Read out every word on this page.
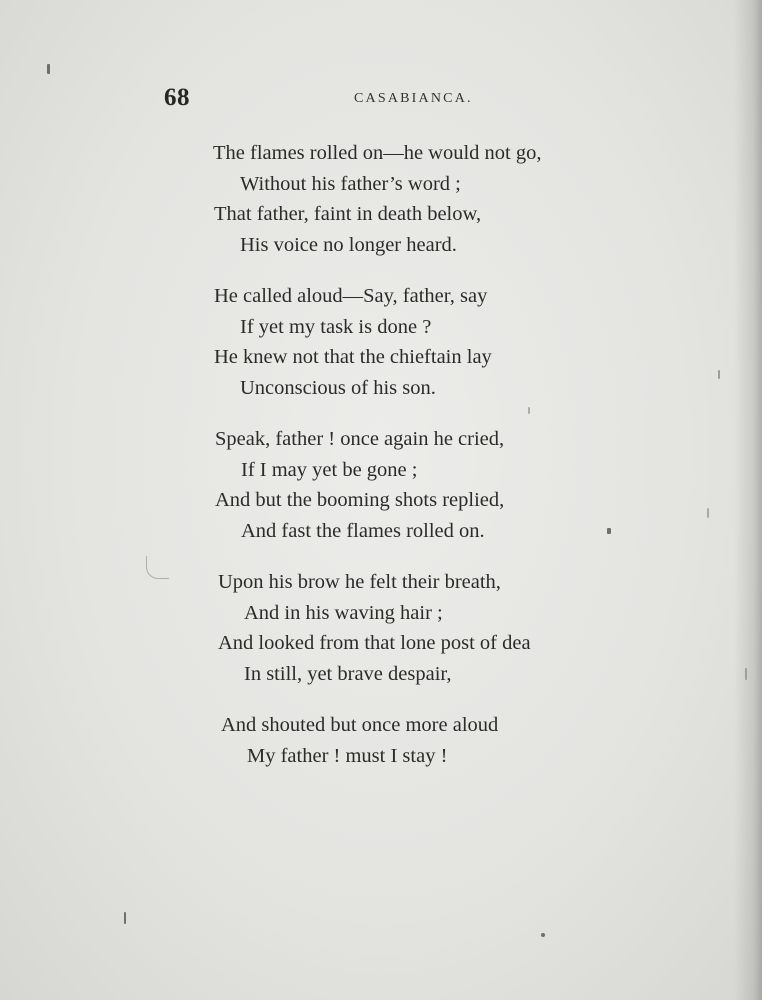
68	CASABIANCA.
The flames rolled on—he would not go,
Without his father’s word ;
That father, faint in death below,
His voice no longer heard.
He called aloud—Say, father, say
If yet my task is done ?
He knew not that the chieftain lay
Unconscious of his son.
Speak, father ! once again he cried,
If I may yet be gone ;
And but the booming shots replied,
And fast the flames rolled on.
Upon his brow he felt their breath,
And in his waving hair ;
And looked from that lone post of dea
In still, yet brave despair,
And shouted but once more aloud
My father ! must I stay !
